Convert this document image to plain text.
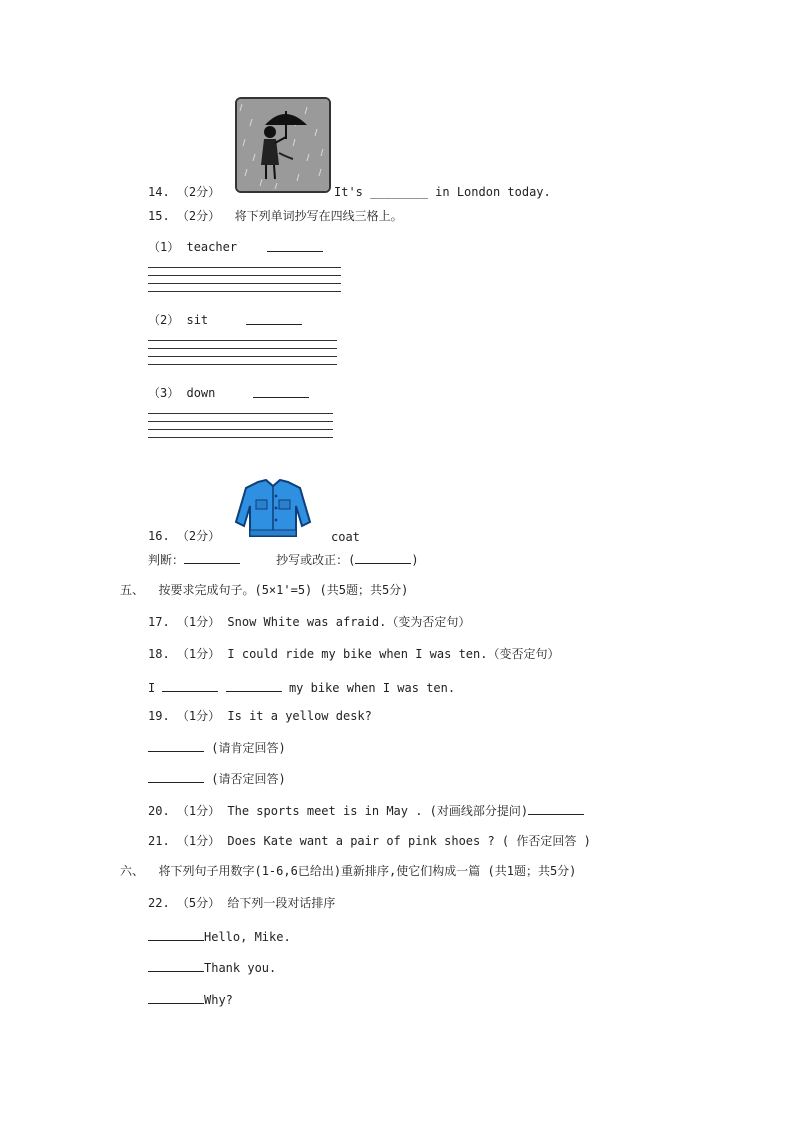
14. （2分）	It's ________ in London today.
15. （2分） 将下列单词抄写在四线三格上。
（1） teacher
（2） sit
（3） down
16. （2分）	coat
判断：	抄写或改正：(	)
五、 按要求完成句子。(5×1'=5) (共5题；共5分)
17. （1分） Snow White was afraid.（变为否定句）
18. （1分） I could ride my bike when I was ten.（变否定句）
I	my bike when I was ten.
19. （1分） Is it a yellow desk?
(请肯定回答)
(请否定回答)
20. （1分） The sports meet is in May . (对画线部分提问)
21. （1分） Does Kate want a pair of pink shoes ? ( 作否定回答 )
六、 将下列句子用数字(1-6,6已给出)重新排序,使它们构成一篇 (共1题；共5分)
22. （5分） 给下列一段对话排序
Hello, Mike.
Thank you.
Why?
